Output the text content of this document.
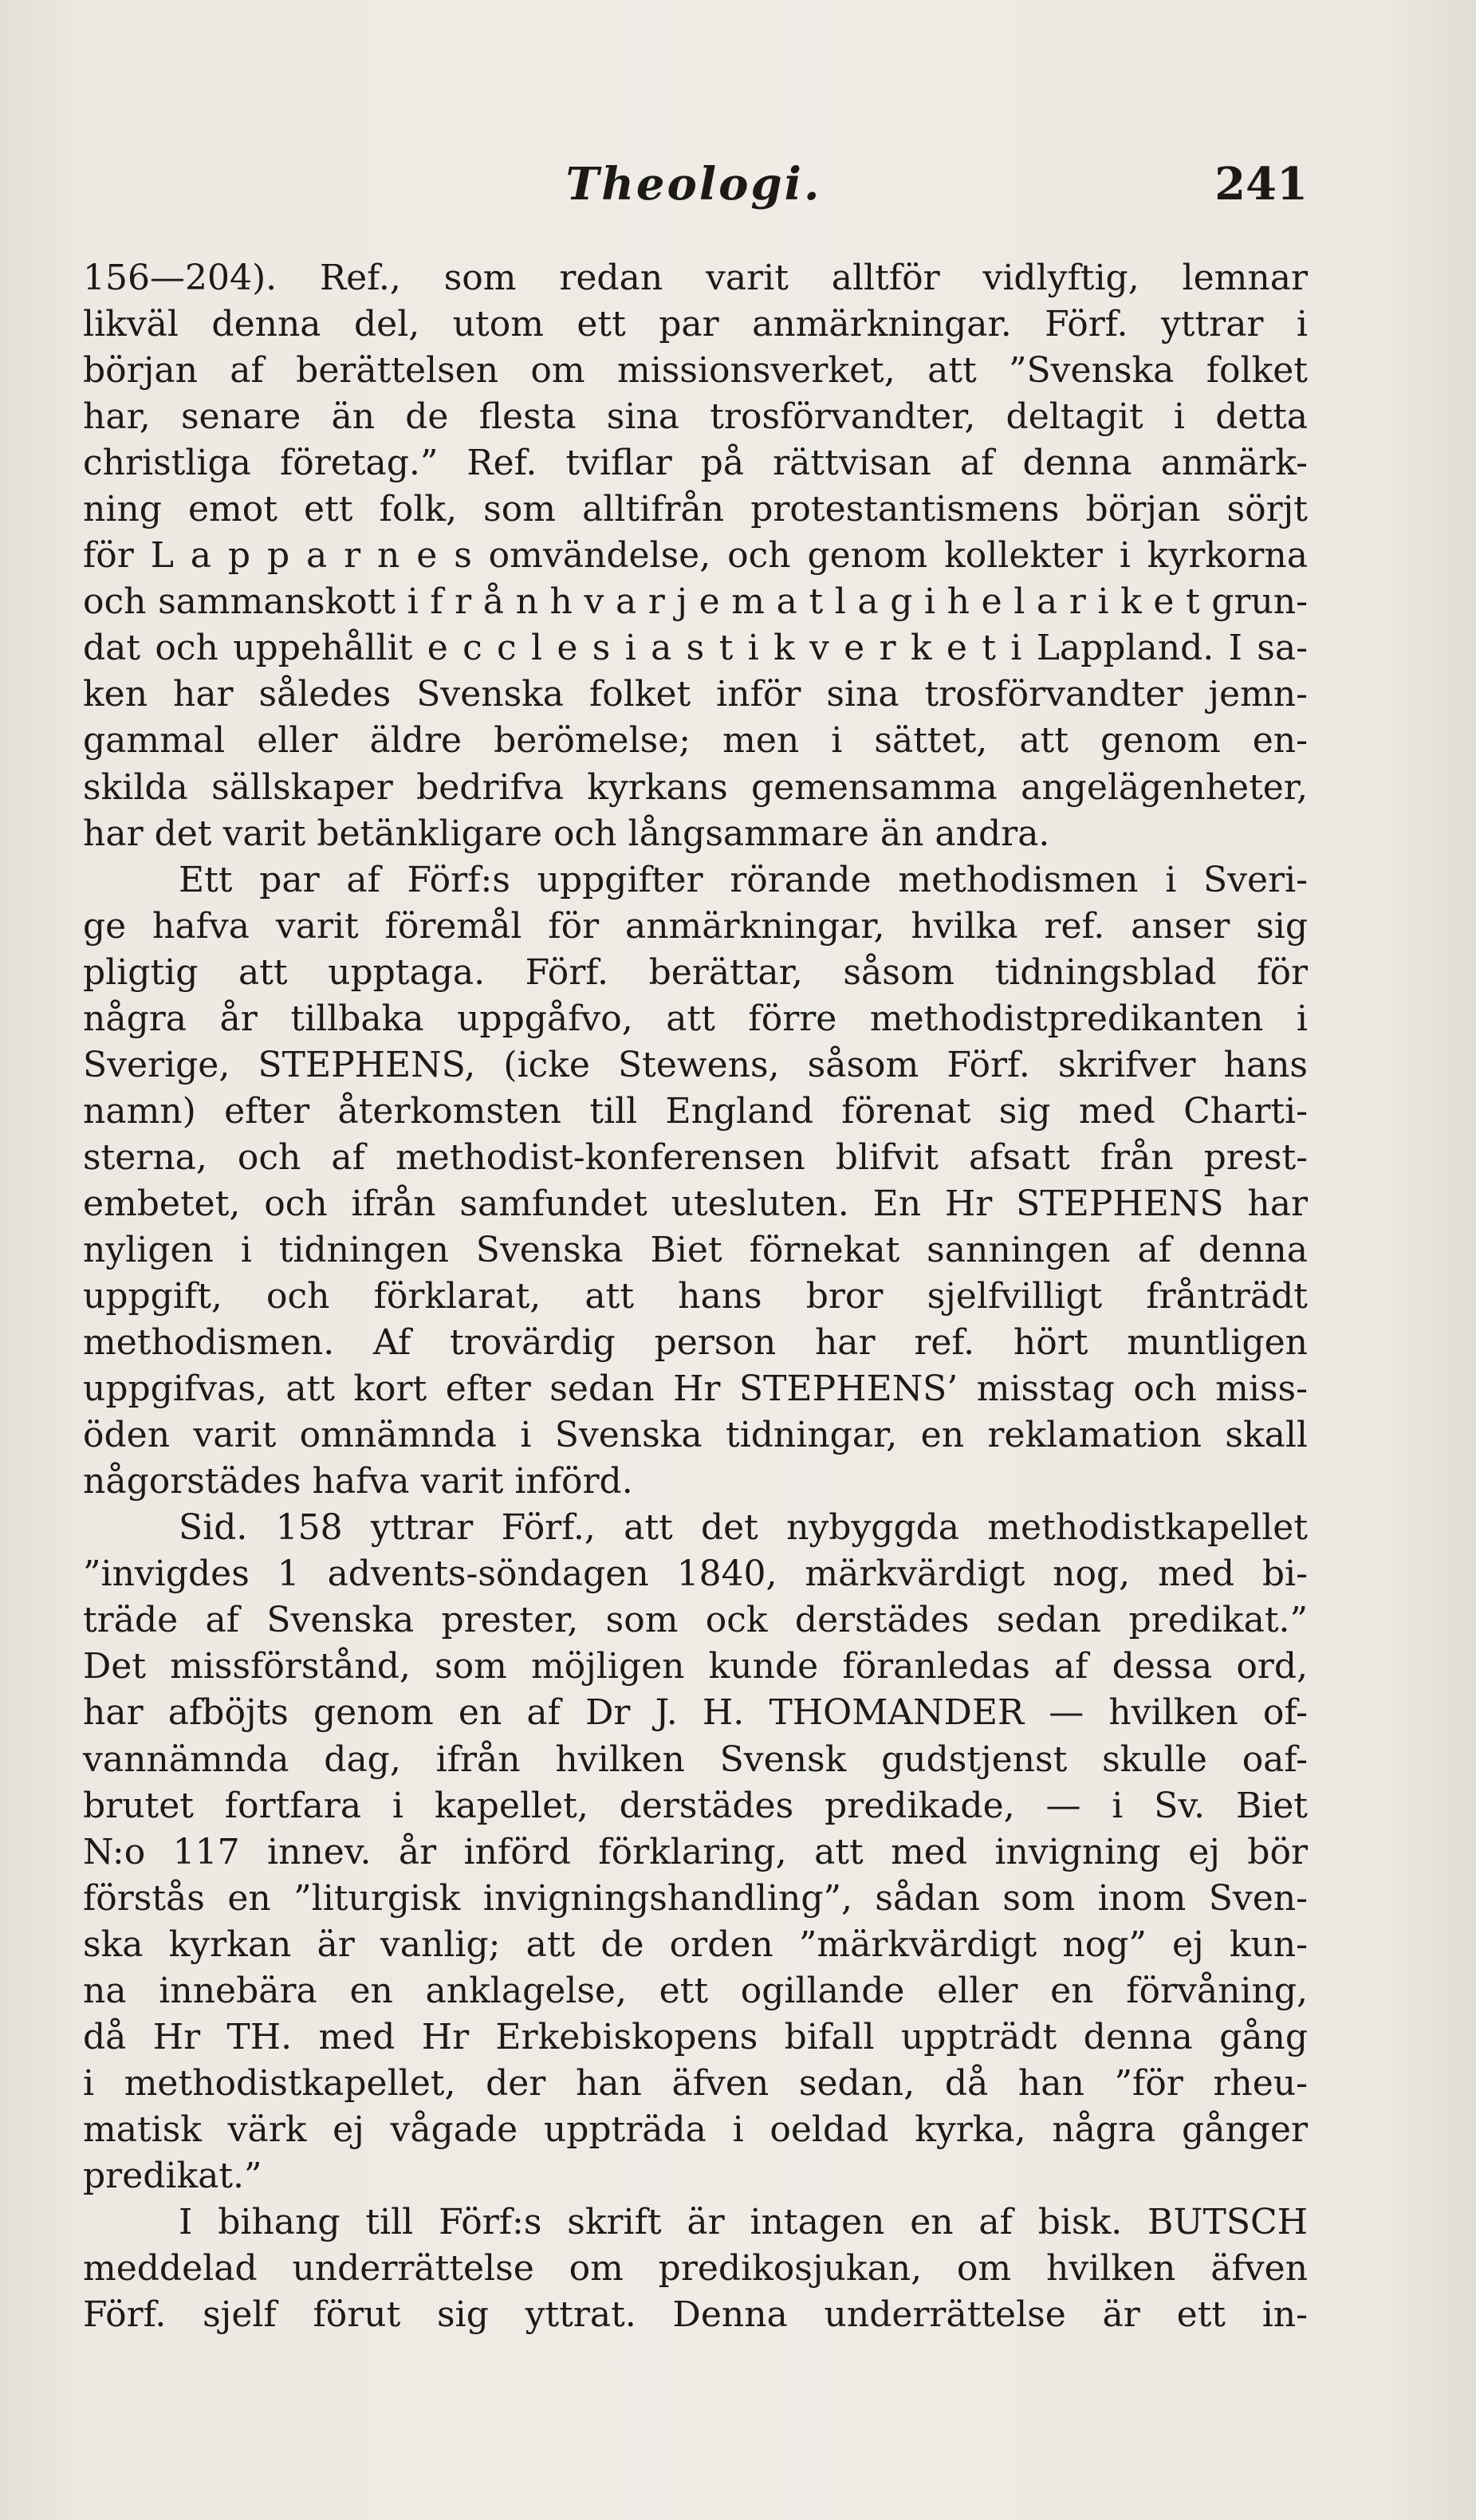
Theologi.	241
156—204). Ref., som redan varit alltför vidlyftig, lemnar
likväl denna del, utom ett par anmärkningar. Förf. yttrar i
början af berättelsen om missionsverket, att ”Svenska folket
har, senare än de flesta sina trosförvandter, deltagit i detta
christliga företag.” Ref. tviflar på rättvisan af denna anmärk-
ning emot ett folk, som alltifrån protestantismens början sörjt
för L a p p a r n e s omvändelse, och genom kollekter i kyrkorna
och sammanskott i f r å n h v a r j e m a t l a g i h e l a r i k e t grun-
dat och uppehållit e c c l e s i a s t i k v e r k e t i Lappland. I sa-
ken har således Svenska folket inför sina trosförvandter jemn-
gammal eller äldre berömelse; men i sättet, att genom en-
skilda sällskaper bedrifva kyrkans gemensamma angelägenheter,
har det varit betänkligare och långsammare än andra.
Ett par af Förf:s uppgifter rörande methodismen i Sveri-
ge hafva varit föremål för anmärkningar, hvilka ref. anser sig
pligtig att upptaga. Förf. berättar, såsom tidningsblad för
några år tillbaka uppgåfvo, att förre methodistpredikanten i
Sverige, STEPHENS, (icke Stewens, såsom Förf. skrifver hans
namn) efter återkomsten till England förenat sig med Charti-
sterna, och af methodist-konferensen blifvit afsatt från prest-
embetet, och ifrån samfundet utesluten. En Hr STEPHENS har
nyligen i tidningen Svenska Biet förnekat sanningen af denna
uppgift, och förklarat, att hans bror sjelfvilligt frånträdt
methodismen. Af trovärdig person har ref. hört muntligen
uppgifvas, att kort efter sedan Hr STEPHENS’ misstag och miss-
öden varit omnämnda i Svenska tidningar, en reklamation skall
någorstädes hafva varit införd.
Sid. 158 yttrar Förf., att det nybyggda methodistkapellet
”invigdes 1 advents-söndagen 1840, märkvärdigt nog, med bi-
träde af Svenska prester, som ock derstädes sedan predikat.”
Det missförstånd, som möjligen kunde föranledas af dessa ord,
har afböjts genom en af Dr J. H. THOMANDER — hvilken of-
vannämnda dag, ifrån hvilken Svensk gudstjenst skulle oaf-
brutet fortfara i kapellet, derstädes predikade, — i Sv. Biet
N:o 117 innev. år införd förklaring, att med invigning ej bör
förstås en ”liturgisk invigningshandling”, sådan som inom Sven-
ska kyrkan är vanlig; att de orden ”märkvärdigt nog” ej kun-
na innebära en anklagelse, ett ogillande eller en förvåning,
då Hr TH. med Hr Erkebiskopens bifall uppträdt denna gång
i methodistkapellet, der han äfven sedan, då han ”för rheu-
matisk värk ej vågade uppträda i oeldad kyrka, några gånger
predikat.”
I bihang till Förf:s skrift är intagen en af bisk. BUTSCH
meddelad underrättelse om predikosjukan, om hvilken äfven
Förf. sjelf förut sig yttrat. Denna underrättelse är ett in-
